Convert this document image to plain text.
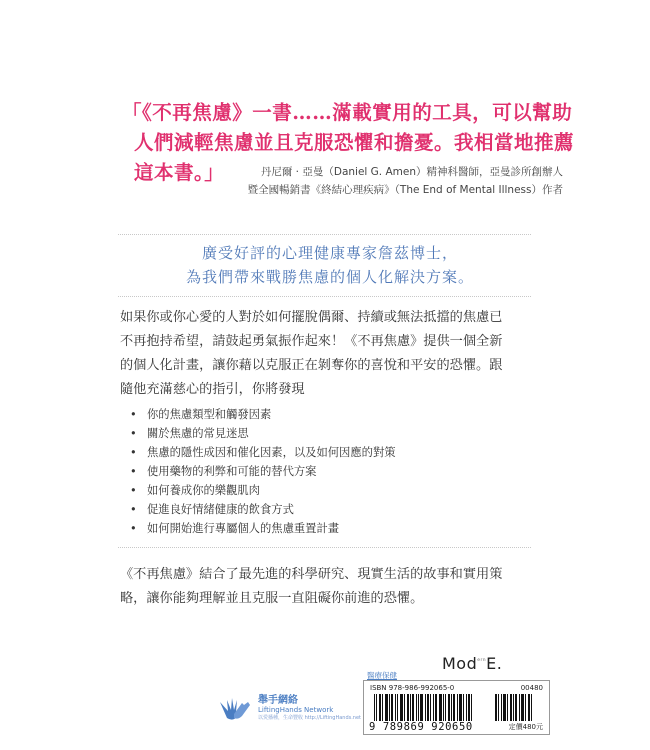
「《不再焦慮》一書……滿載實用的工具，可以幫助
人們減輕焦慮並且克服恐懼和擔憂。我相當地推薦
這本書。」	丹尼爾 · 亞曼（Daniel G. Amen）精神科醫師，亞曼診所創辦人
暨全國暢銷書《終結心理疾病》（The End of Mental Illness）作者
廣受好評的心理健康專家詹茲博士，
為我們帶來戰勝焦慮的個人化解決方案。
如果你或你心愛的人對於如何擺脫偶爾、持續或無法抵擋的焦慮已
不再抱持希望，請鼓起勇氣振作起來！《不再焦慮》提供一個全新
的個人化計畫，讓你藉以克服正在剝奪你的喜悅和平安的恐懼。跟
隨他充滿慈心的指引，你將發現
• 你的焦慮類型和觸發因素
• 關於焦慮的常見迷思
• 焦慮的隱性成因和催化因素，以及如何因應的對策
• 使用藥物的利弊和可能的替代方案
• 如何養成你的樂觀肌肉
• 促進良好情緒健康的飲食方式
• 如何開始進行專屬個人的焦慮重置計畫
《不再焦慮》結合了最先進的科學研究、現實生活的故事和實用策
略，讓你能夠理解並且克服一直阻礙你前進的恐懼。
舉手網絡
LiftingHands Network
以愛播種，生命豐收 http://LiftingHands.net
醫療保健
Mod$^{ern}$E.
ISBN 978-986-992065-0	00480
9 789869 920650	定價480元
